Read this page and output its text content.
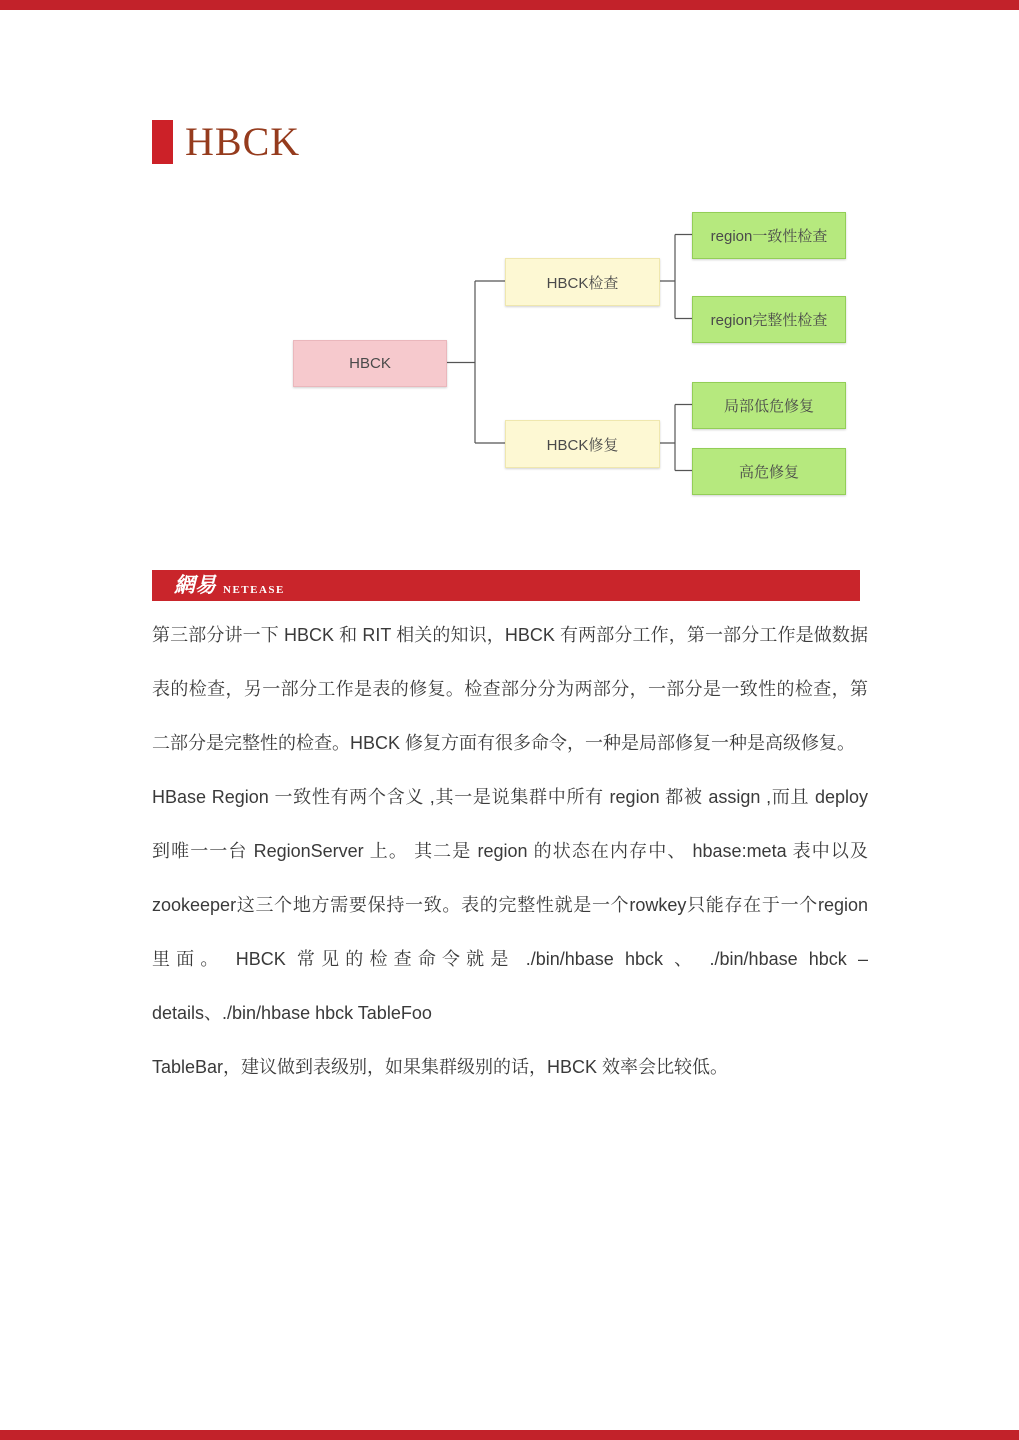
HBCK
HBCK
HBCK检查
HBCK修复
region一致性检查
region完整性检查
局部低危修复
高危修复
網易 NETEASE

第三部分讲一下 HBCK 和 RIT 相关的知识，HBCK 有两部分工作，第一部分工作是做数据表的检查，另一部分工作是表的修复。检查部分分为两部分，一部分是一致性的检查，第二部分是完整性的检查。HBCK 修复方面有很多命令，一种是局部修复一种是高级修复。

HBase Region 一致性有两个含义 ,其一是说集群中所有 region 都被 assign ,而且 deploy 到唯一一台 RegionServer 上。 其二是 region 的状态在内存中、 hbase:meta 表中以及 zookeeper这三个地方需要保持一致。表的完整性就是一个rowkey只能存在于一个region 里面。 HBCK 常见的检查命令就是 ./bin/hbase hbck 、 ./bin/hbase hbck –details、./bin/hbase hbck TableFoo

TableBar，建议做到表级别，如果集群级别的话，HBCK 效率会比较低。
